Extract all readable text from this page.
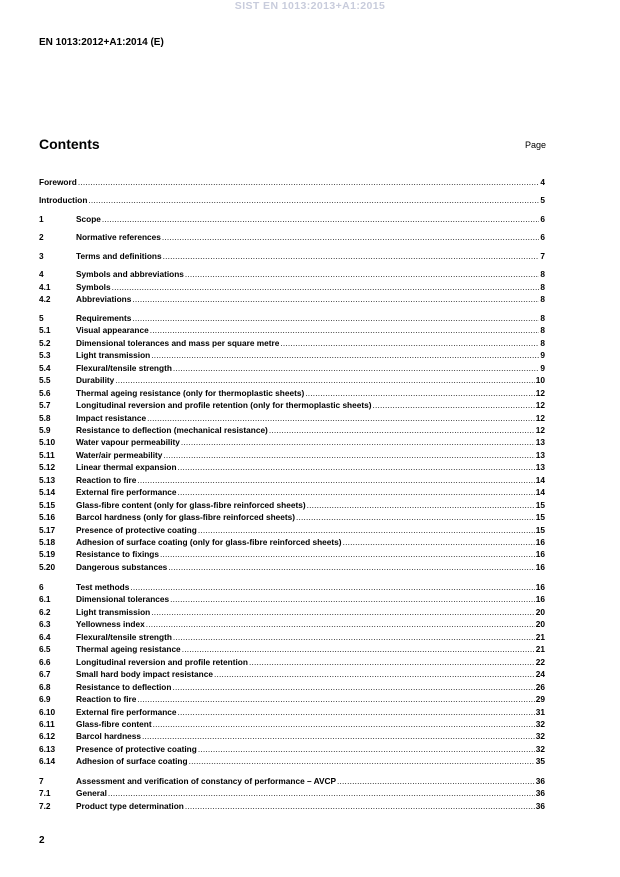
SIST EN 1013:2013+A1:2015
EN 1013:2012+A1:2014 (E)
Contents	Page
Foreword .....	4
Introduction .....	5
1	Scope .....	6
2	Normative references .....	6
3	Terms and definitions .....	7
4	Symbols and abbreviations .....	8
4.1	Symbols .....	8
4.2	Abbreviations .....	8
5	Requirements .....	8
5.1	Visual appearance .....	8
5.2	Dimensional tolerances and mass per square metre .....	8
5.3	Light transmission .....	9
5.4	Flexural/tensile strength .....	9
5.5	Durability .....	10
5.6	Thermal ageing resistance (only for thermoplastic sheets) .....	12
5.7	Longitudinal reversion and profile retention (only for thermoplastic sheets) .....	12
5.8	Impact resistance .....	12
5.9	Resistance to deflection (mechanical resistance) .....	12
5.10	Water vapour permeability .....	13
5.11	Water/air permeability .....	13
5.12	Linear thermal expansion .....	13
5.13	Reaction to fire .....	14
5.14	External fire performance .....	14
5.15	Glass-fibre content (only for glass-fibre reinforced sheets) .....	15
5.16	Barcol hardness (only for glass-fibre reinforced sheets) .....	15
5.17	Presence of protective coating .....	15
5.18	Adhesion of surface coating (only for glass-fibre reinforced sheets) .....	16
5.19	Resistance to fixings .....	16
5.20	Dangerous substances .....	16
6	Test methods .....	16
6.1	Dimensional tolerances .....	16
6.2	Light transmission .....	20
6.3	Yellowness index .....	20
6.4	Flexural/tensile strength .....	21
6.5	Thermal ageing resistance .....	21
6.6	Longitudinal reversion and profile retention .....	22
6.7	Small hard body impact resistance .....	24
6.8	Resistance to deflection .....	26
6.9	Reaction to fire .....	29
6.10	External fire performance .....	31
6.11	Glass-fibre content .....	32
6.12	Barcol hardness .....	32
6.13	Presence of protective coating .....	32
6.14	Adhesion of surface coating .....	35
7	Assessment and verification of constancy of performance – AVCP .....	36
7.1	General .....	36
7.2	Product type determination .....	36
2
